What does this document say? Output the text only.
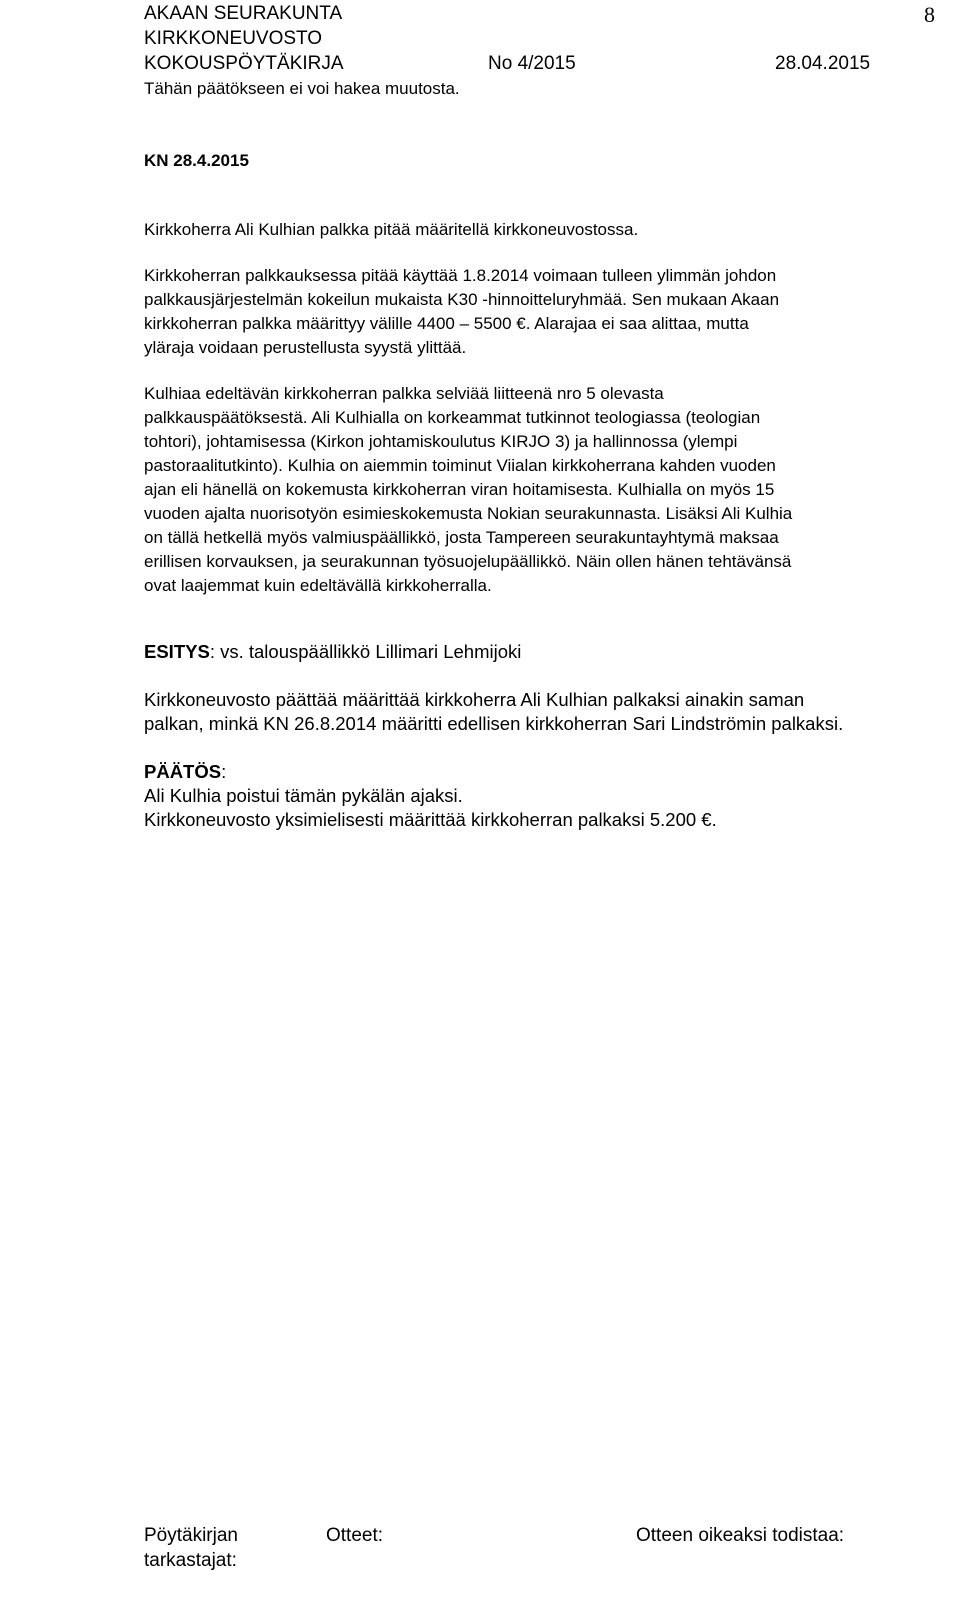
AKAAN SEURAKUNTA
KIRKKONEUVOSTO
KOKOUSPÖYTÄKIRJA	No 4/2015	28.04.2015
8
Tähän päätökseen ei voi hakea muutosta.
KN 28.4.2015
Kirkkoherra Ali Kulhian palkka pitää määritellä kirkkoneuvostossa.
Kirkkoherran palkkauksessa pitää käyttää 1.8.2014 voimaan tulleen ylimmän johdon
palkkausjärjestelmän kokeilun mukaista K30 -hinnoitteluryhmää. Sen mukaan Akaan
kirkkoherran palkka määrittyy välille 4400 – 5500 €. Alarajaa ei saa alittaa, mutta
yläraja voidaan perustellusta syystä ylittää.
Kulhiaa edeltävän kirkkoherran palkka selviää liitteenä nro 5 olevasta
palkkauspäätöksestä. Ali Kulhialla on korkeammat tutkinnot teologiassa (teologian
tohtori), johtamisessa (Kirkon johtamiskoulutus KIRJO 3) ja hallinnossa (ylempi
pastoraalitutkinto). Kulhia on aiemmin toiminut Viialan kirkkoherrana kahden vuoden
ajan eli hänellä on kokemusta kirkkoherran viran hoitamisesta. Kulhialla on myös 15
vuoden ajalta nuorisotyön esimieskokemusta Nokian seurakunnasta. Lisäksi Ali Kulhia
on tällä hetkellä myös valmiuspäällikkö, josta Tampereen seurakuntayhtymä maksaa
erillisen korvauksen, ja seurakunnan työsuojelupäällikkö. Näin ollen hänen tehtävänsä
ovat laajemmat kuin edeltävällä kirkkoherralla.
ESITYS: vs. talouspäällikkö Lillimari Lehmijoki
Kirkkoneuvosto päättää määrittää kirkkoherra Ali Kulhian palkaksi ainakin saman
palkan, minkä KN 26.8.2014 määritti edellisen kirkkoherran Sari Lindströmin palkaksi.
PÄÄTÖS:
Ali Kulhia poistui tämän pykälän ajaksi.
Kirkkoneuvosto yksimielisesti määrittää kirkkoherran palkaksi 5.200 €.
Pöytäkirjan
tarkastajat:
Otteet:	Otteen oikeaksi todistaa:
